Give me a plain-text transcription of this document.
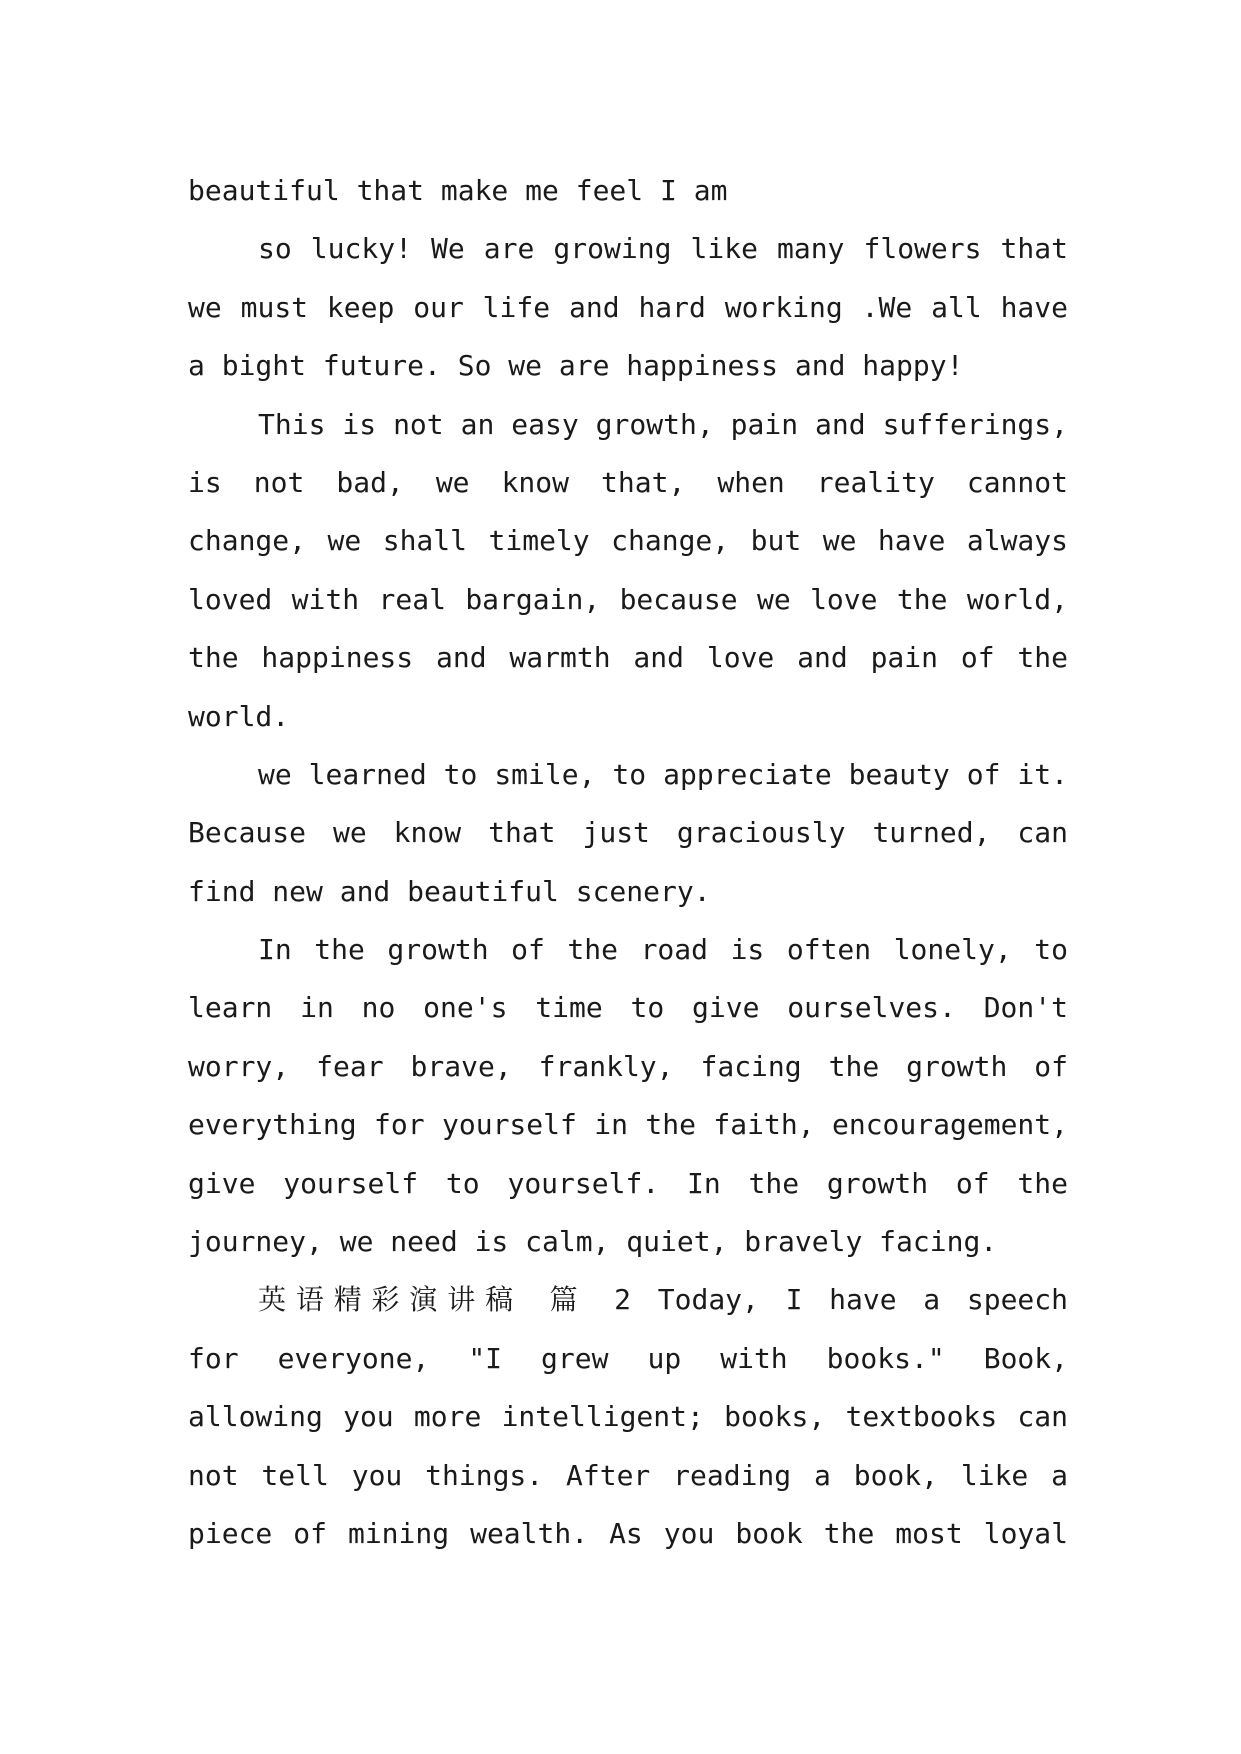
beautiful that make me feel I am
so lucky! We are growing like many flowers that
we must keep our life and hard working .We all have
a bight future. So we are happiness and happy!
This is not an easy growth, pain and sufferings,
is not bad, we know that, when reality cannot
change, we shall timely change, but we have always
loved with real bargain, because we love the world,
the happiness and warmth and love and pain of the
world.
we learned to smile, to appreciate beauty of it.
Because we know that just graciously turned, can
find new and beautiful scenery.
In the growth of the road is often lonely, to
learn in no one's time to give ourselves. Don't
worry, fear brave, frankly, facing the growth of
everything for yourself in the faith, encouragement,
give yourself to yourself. In the growth of the
journey, we need is calm, quiet, bravely facing.
英语精彩演讲稿 篇 2 Today, I have a speech
for everyone, "I grew up with books." Book,
allowing you more intelligent; books, textbooks can
not tell you things. After reading a book, like a
piece of mining wealth. As you book the most loyal
